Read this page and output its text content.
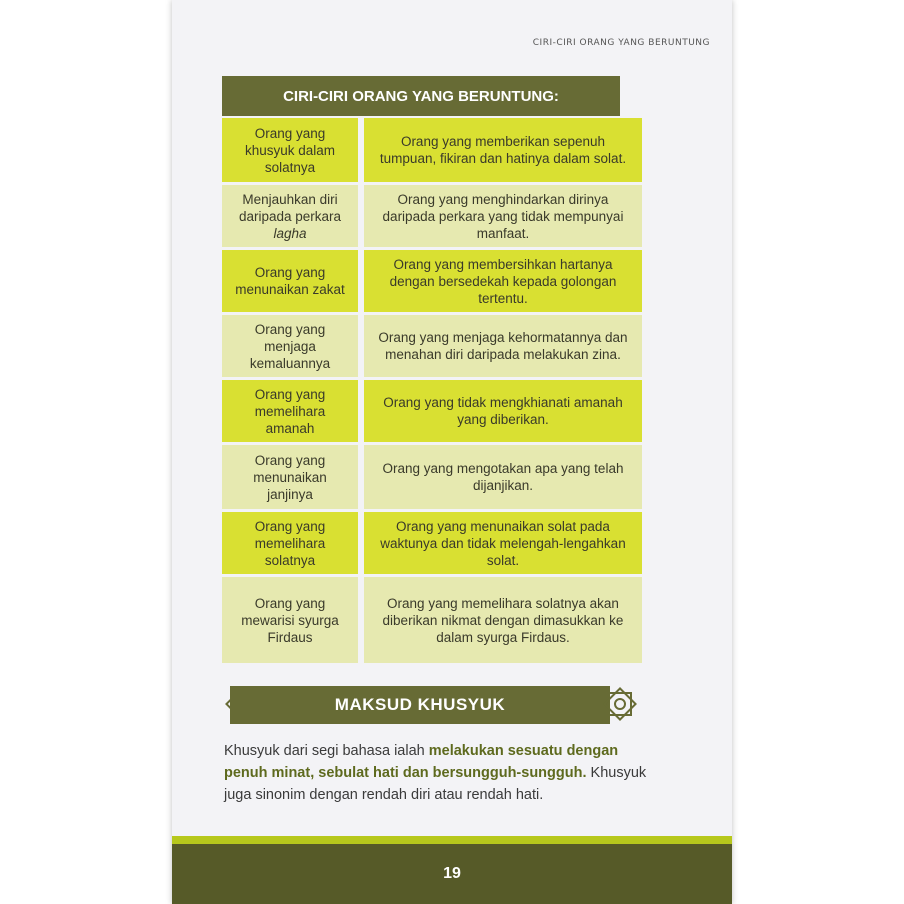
CIRI-CIRI ORANG YANG BERUNTUNG
CIRI-CIRI ORANG YANG BERUNTUNG:
Orang yang khusyuk dalam solatnya
Orang yang memberikan sepenuh tumpuan, fikiran dan hatinya dalam solat.
Menjauhkan diri daripada perkara lagha
Orang yang menghindarkan dirinya daripada perkara yang tidak mempunyai manfaat.
Orang yang menunaikan zakat
Orang yang membersihkan hartanya dengan bersedekah kepada golongan tertentu.
Orang yang menjaga kemaluannya
Orang yang menjaga kehormatannya dan menahan diri daripada melakukan zina.
Orang yang memelihara amanah
Orang yang tidak mengkhianati amanah yang diberikan.
Orang yang menunaikan janjinya
Orang yang mengotakan apa yang telah dijanjikan.
Orang yang memelihara solatnya
Orang yang menunaikan solat pada waktunya dan tidak melengah-lengahkan solat.
Orang yang mewarisi syurga Firdaus
Orang yang memelihara solatnya akan diberikan nikmat dengan dimasukkan ke dalam syurga Firdaus.
MAKSUD KHUSYUK
Khusyuk dari segi bahasa ialah melakukan sesuatu dengan penuh minat, sebulat hati dan bersungguh-sungguh. Khusyuk juga sinonim dengan rendah diri atau rendah hati.
19
